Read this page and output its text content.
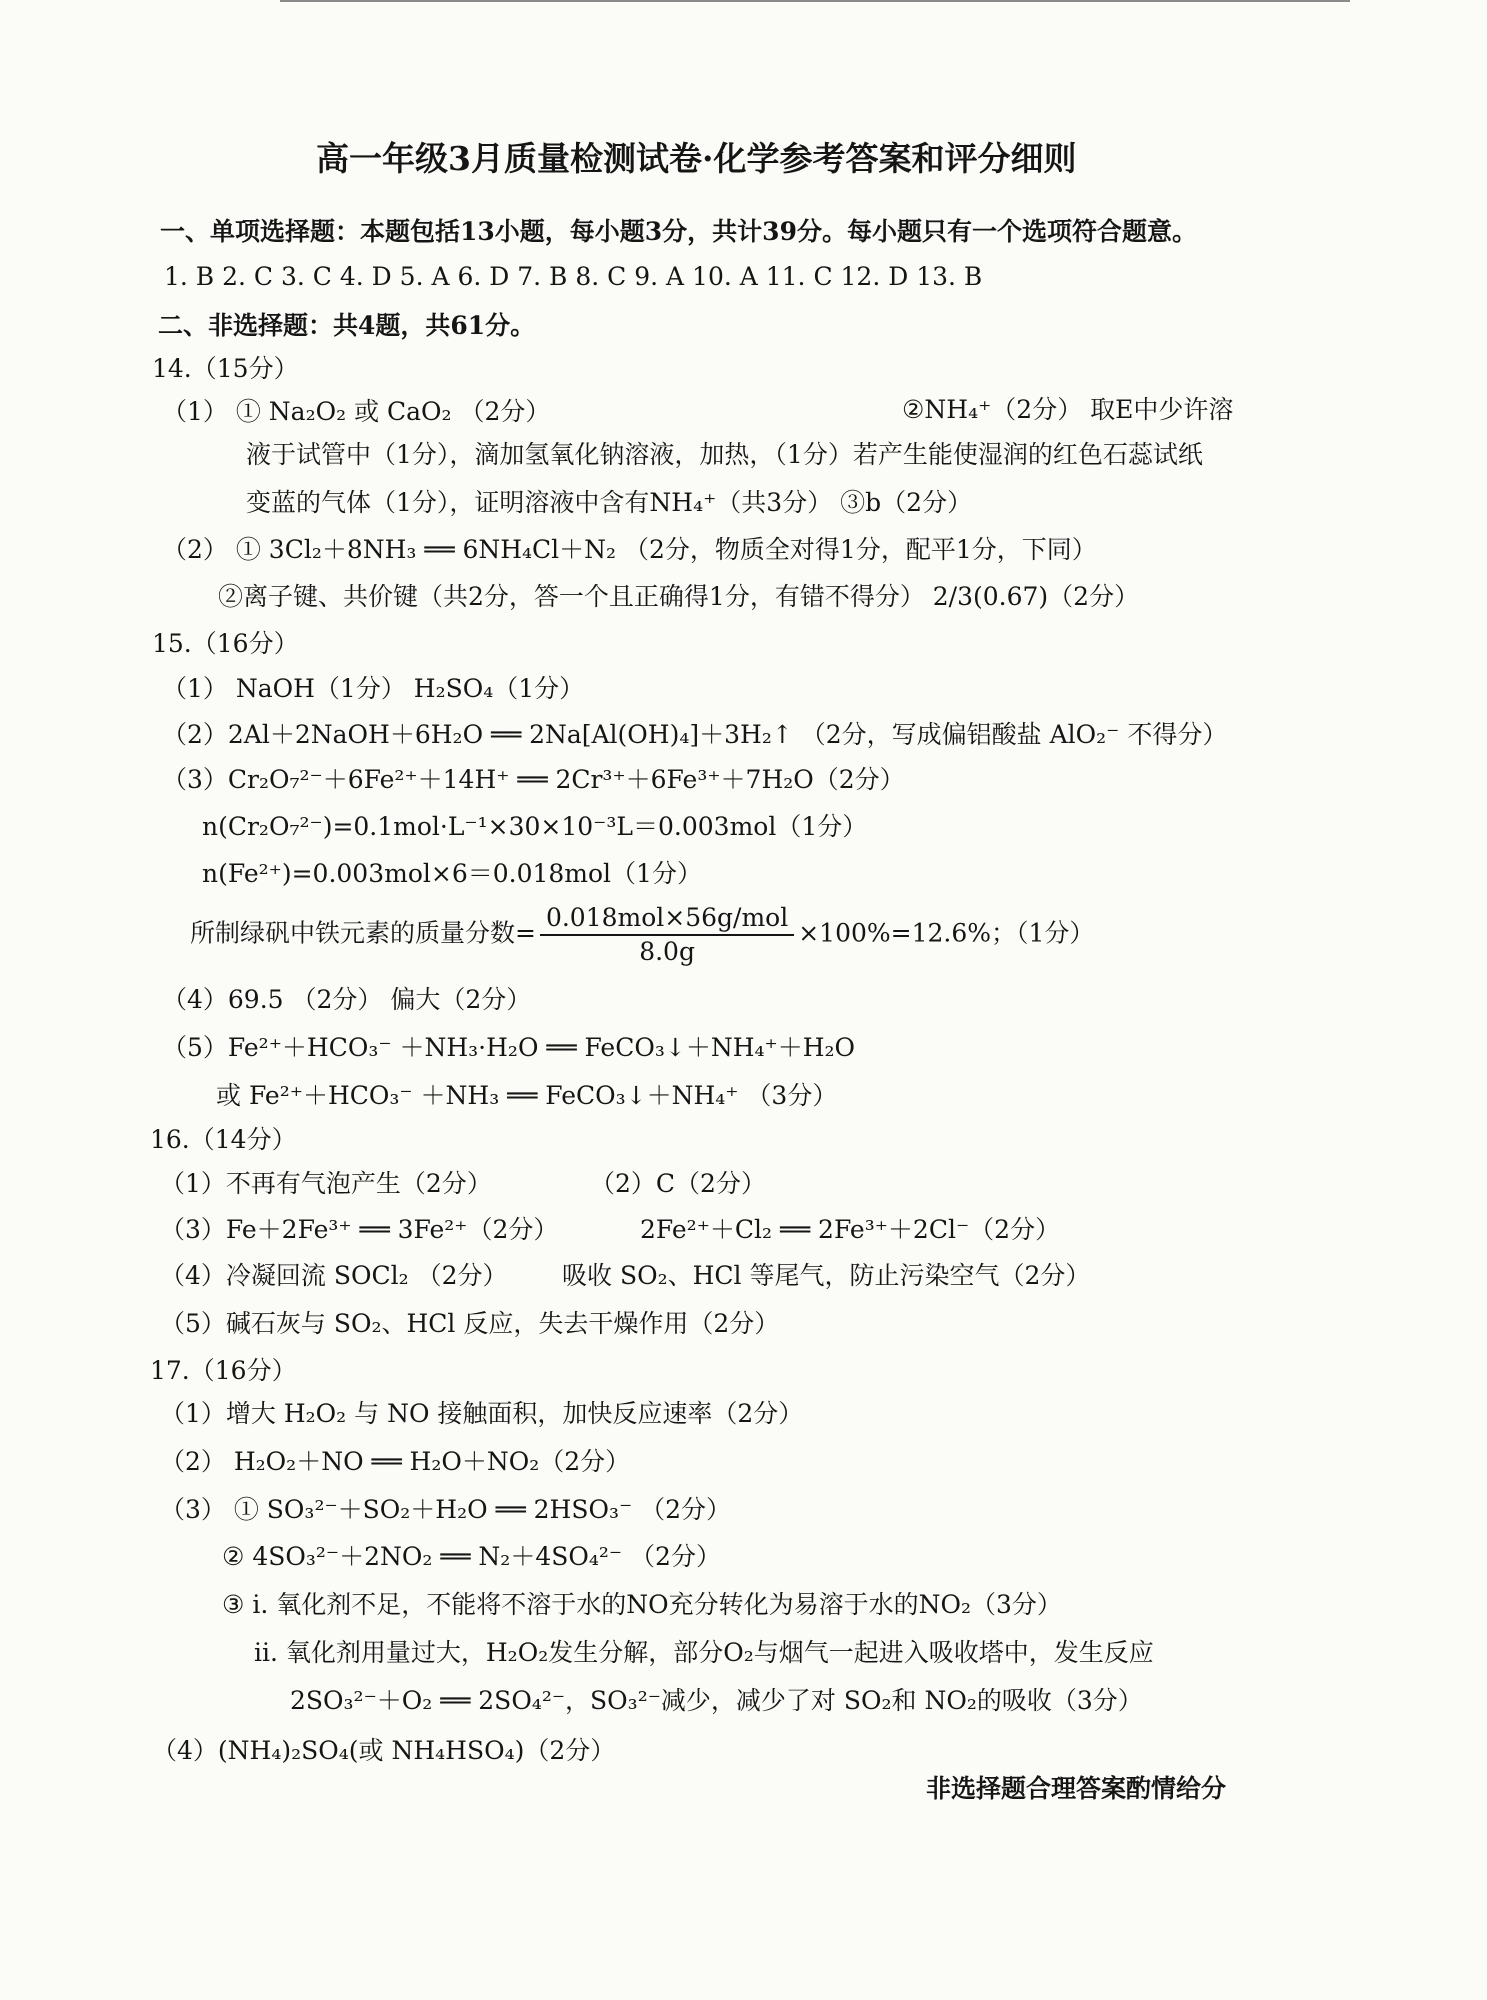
高一年级3月质量检测试卷·化学参考答案和评分细则
一、单项选择题：本题包括13小题，每小题3分，共计39分。每小题只有一个选项符合题意。
1. B 2. C 3. C 4. D 5. A 6. D 7. B 8. C 9. A 10. A 11. C 12. D 13. B
二、非选择题：共4题，共61分。
14.（15分）
（1） ① Na₂O₂ 或 CaO₂ （2分）	②NH₄⁺（2分） 取E中少许溶
液于试管中（1分），滴加氢氧化钠溶液，加热，（1分）若产生能使湿润的红色石蕊试纸
变蓝的气体（1分），证明溶液中含有NH₄⁺（共3分） ③b（2分）
（2） ① 3Cl₂＋8NH₃ ══ 6NH₄Cl＋N₂ （2分，物质全对得1分，配平1分，下同）
②离子键、共价键（共2分，答一个且正确得1分，有错不得分） 2/3(0.67)（2分）
15.（16分）
（1） NaOH（1分） H₂SO₄（1分）
（2）2Al＋2NaOH＋6H₂O ══ 2Na[Al(OH)₄]＋3H₂↑ （2分，写成偏铝酸盐 AlO₂⁻ 不得分）
（3）Cr₂O₇²⁻＋6Fe²⁺＋14H⁺ ══ 2Cr³⁺＋6Fe³⁺＋7H₂O（2分）
n(Cr₂O₇²⁻)=0.1mol·L⁻¹×30×10⁻³L＝0.003mol（1分）
n(Fe²⁺)=0.003mol×6＝0.018mol（1分）
所制绿矾中铁元素的质量分数= $\frac{\text{0.018mol×56g/mol}}{8.0g} \times 100\%=12.6\%$；（1分）
（4）69.5 （2分） 偏大（2分）
（5）Fe²⁺＋HCO₃⁻ ＋NH₃·H₂O ══ FeCO₃↓＋NH₄⁺＋H₂O
或 Fe²⁺＋HCO₃⁻ ＋NH₃ ══ FeCO₃↓＋NH₄⁺ （3分）
16.（14分）
（1）不再有气泡产生（2分）	（2）C（2分）
（3）Fe＋2Fe³⁺ ══ 3Fe²⁺（2分）	2Fe²⁺＋Cl₂ ══ 2Fe³⁺＋2Cl⁻（2分）
（4）冷凝回流 SOCl₂ （2分） 吸收 SO₂、HCl 等尾气，防止污染空气（2分）
（5）碱石灰与 SO₂、HCl 反应，失去干燥作用（2分）
17.（16分）
（1）增大 H₂O₂ 与 NO 接触面积，加快反应速率（2分）
（2） H₂O₂＋NO ══ H₂O＋NO₂（2分）
（3） ① SO₃²⁻＋SO₂＋H₂O ══ 2HSO₃⁻ （2分）
② 4SO₃²⁻＋2NO₂ ══ N₂＋4SO₄²⁻ （2分）
③ i. 氧化剂不足，不能将不溶于水的NO充分转化为易溶于水的NO₂（3分）
ii. 氧化剂用量过大，H₂O₂发生分解，部分O₂与烟气一起进入吸收塔中，发生反应
2SO₃²⁻＋O₂ ══ 2SO₄²⁻，SO₃²⁻减少，减少了对 SO₂和 NO₂的吸收（3分）
（4）(NH₄)₂SO₄(或 NH₄HSO₄)（2分）
非选择题合理答案酌情给分
